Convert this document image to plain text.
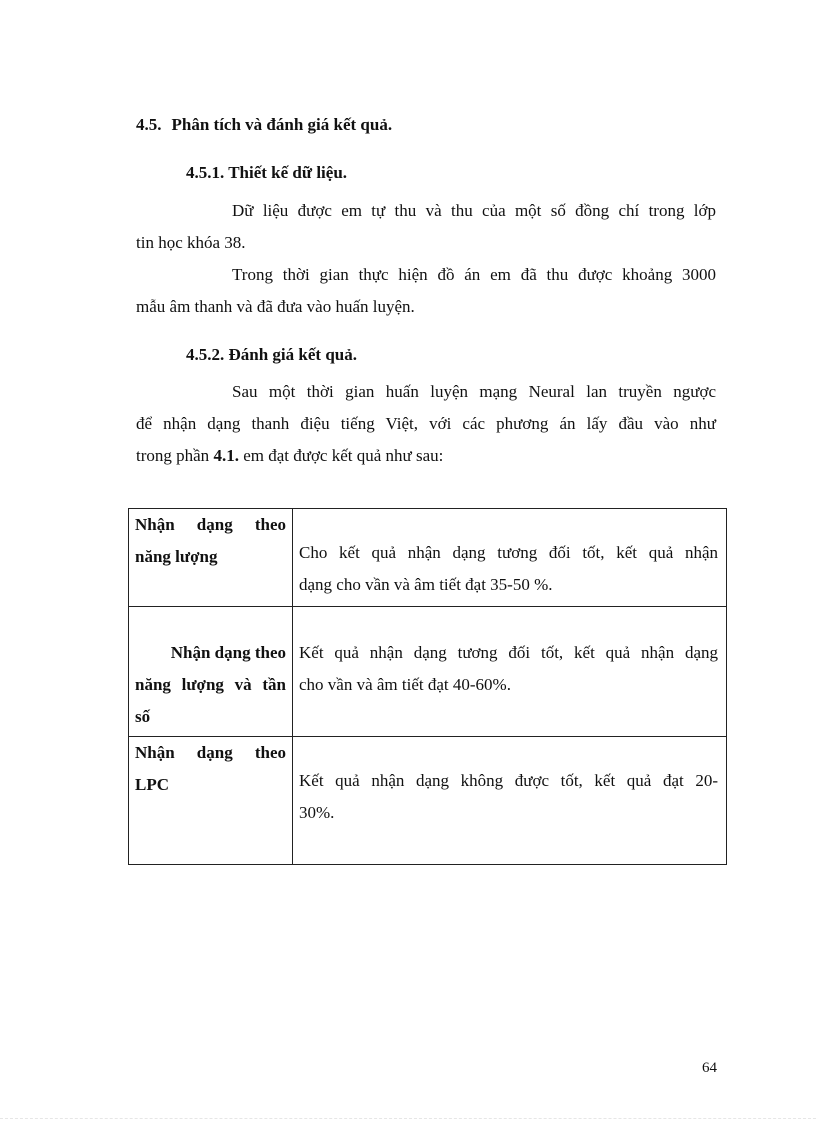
4.5. Phân tích và đánh giá kết quả.
4.5.1. Thiết kế dữ liệu.
Dữ liệu được em tự thu và thu của một số đồng chí trong lớp
tin học khóa 38.
Trong thời gian thực hiện đồ án em đã thu được khoảng 3000
mẫu âm thanh và đã đưa vào huấn luyện.
4.5.2. Đánh giá kết quả.
Sau một thời gian huấn luyện mạng Neural lan truyền ngược
để nhận dạng thanh điệu tiếng Việt, với các phương án lấy đầu vào như
trong phần 4.1. em đạt được kết quả như sau:
Nhận dạng theo
năng lượng	Cho kết quả nhận dạng tương đối tốt, kết quả nhận
dạng cho vần và âm tiết đạt 35-50 %.

Nhận dạng theo
năng lượng và tần
số	Kết quả nhận dạng tương đối tốt, kết quả nhận dạng
cho vần và âm tiết đạt 40-60%.

Nhận dạng theo
LPC	Kết quả nhận dạng không được tốt, kết quả đạt 20-
30%.
64
